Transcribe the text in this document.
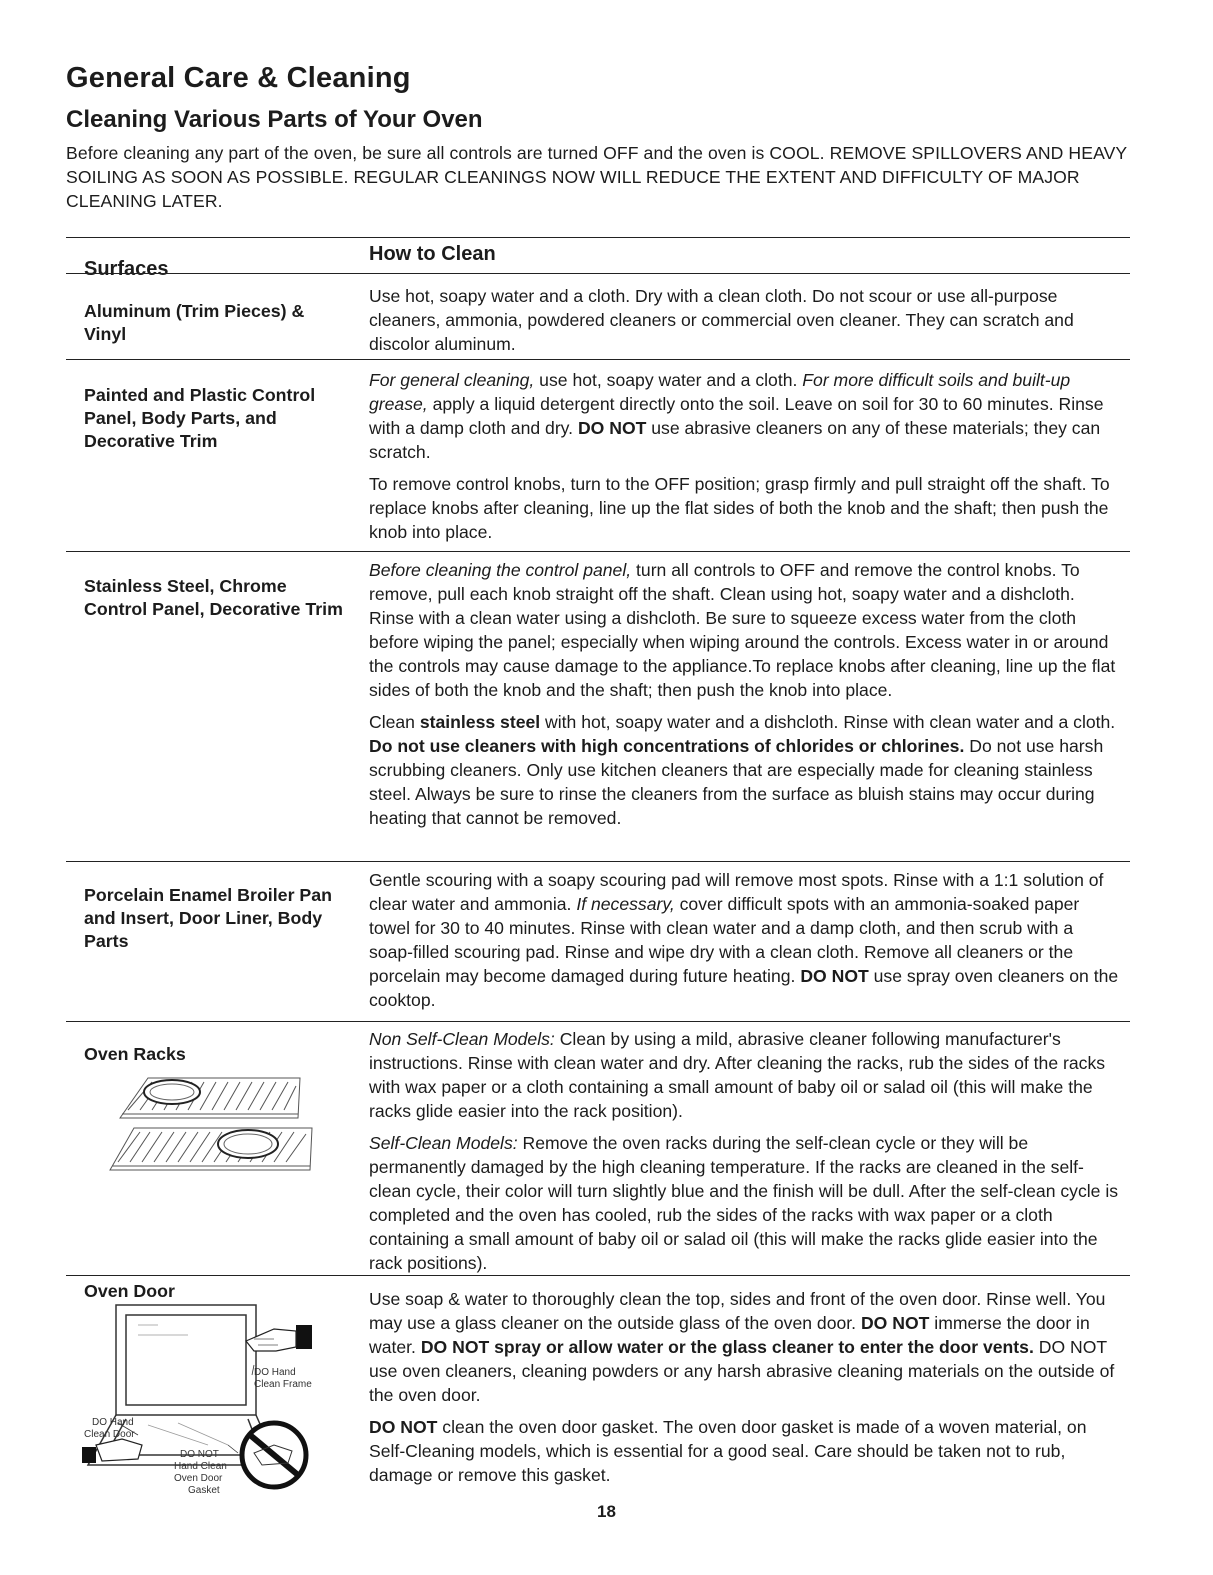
General Care & Cleaning
Cleaning Various Parts of Your Oven

Before cleaning any part of the oven, be sure all controls are turned OFF and the oven is COOL. REMOVE SPILLOVERS AND HEAVY SOILING AS SOON AS POSSIBLE. REGULAR CLEANINGS NOW WILL REDUCE THE EXTENT AND DIFFICULTY OF MAJOR CLEANING LATER.

How to Clean
Surfaces
Aluminum (Trim Pieces) & Vinyl

Use hot, soapy water and a cloth. Dry with a clean cloth. Do not scour or use all-purpose cleaners, ammonia, powdered cleaners or commercial oven cleaner. They can scratch and discolor aluminum.

Painted and Plastic Control Panel, Body Parts, and Decorative Trim

For general cleaning, use hot, soapy water and a cloth. For more difficult soils and built-up grease, apply a liquid detergent directly onto the soil. Leave on soil for 30 to 60 minutes. Rinse with a damp cloth and dry. DO NOT use abrasive cleaners on any of these materials; they can scratch.

To remove control knobs, turn to the OFF position; grasp firmly and pull straight off the shaft. To replace knobs after cleaning, line up the flat sides of both the knob and the shaft; then push the knob into place.

Stainless Steel, Chrome Control Panel, Decorative Trim

Before cleaning the control panel, turn all controls to OFF and remove the control knobs. To remove, pull each knob straight off the shaft. Clean using hot, soapy water and a dishcloth. Rinse with a clean water using a dishcloth. Be sure to squeeze excess water from the cloth before wiping the panel; especially when wiping around the controls. Excess water in or around the controls may cause damage to the appliance.To replace knobs after cleaning, line up the flat sides of both the knob and the shaft; then push the knob into place.

Clean stainless steel with hot, soapy water and a dishcloth. Rinse with clean water and a cloth. Do not use cleaners with high concentrations of chlorides or chlorines. Do not use harsh scrubbing cleaners. Only use kitchen cleaners that are especially made for cleaning stainless steel. Always be sure to rinse the cleaners from the surface as bluish stains may occur during heating that cannot be removed.

Porcelain Enamel Broiler Pan and Insert, Door Liner, Body Parts

Gentle scouring with a soapy scouring pad will remove most spots. Rinse with a 1:1 solution of clear water and ammonia. If necessary, cover difficult spots with an ammonia-soaked paper towel for 30 to 40 minutes. Rinse with clean water and a damp cloth, and then scrub with a soap-filled scouring pad. Rinse and wipe dry with a clean cloth. Remove all cleaners or the porcelain may become damaged during future heating. DO NOT use spray oven cleaners on the cooktop.

Oven Racks

Non Self-Clean Models: Clean by using a mild, abrasive cleaner following manufacturer's instructions. Rinse with clean water and dry. After cleaning the racks, rub the sides of the racks with wax paper or a cloth containing a small amount of baby oil or salad oil (this will make the racks glide easier into the rack position).

Self-Clean Models: Remove the oven racks during the self-clean cycle or they will be permanently damaged by the high cleaning temperature. If the racks are cleaned in the self-clean cycle, their color will turn slightly blue and the finish will be dull. After the self-clean cycle is completed and the oven has cooled, rub the sides of the racks with wax paper or a cloth containing a small amount of baby oil or salad oil (this will make the racks glide easier into the rack positions).

Oven Door
DO Hand
Clean Frame
DO Hand
Clean Door
DO NOT
Hand Clean
Oven Door
Gasket

Use soap & water to thoroughly clean the top, sides and front of the oven door. Rinse well. You may use a glass cleaner on the outside glass of the oven door. DO NOT immerse the door in water. DO NOT spray or allow water or the glass cleaner to enter the door vents. DO NOT use oven cleaners, cleaning powders or any harsh abrasive cleaning materials on the outside of the oven door.

DO NOT clean the oven door gasket. The oven door gasket is made of a woven material, on Self-Cleaning models, which is essential for a good seal. Care should be taken not to rub, damage or remove this gasket.

18
